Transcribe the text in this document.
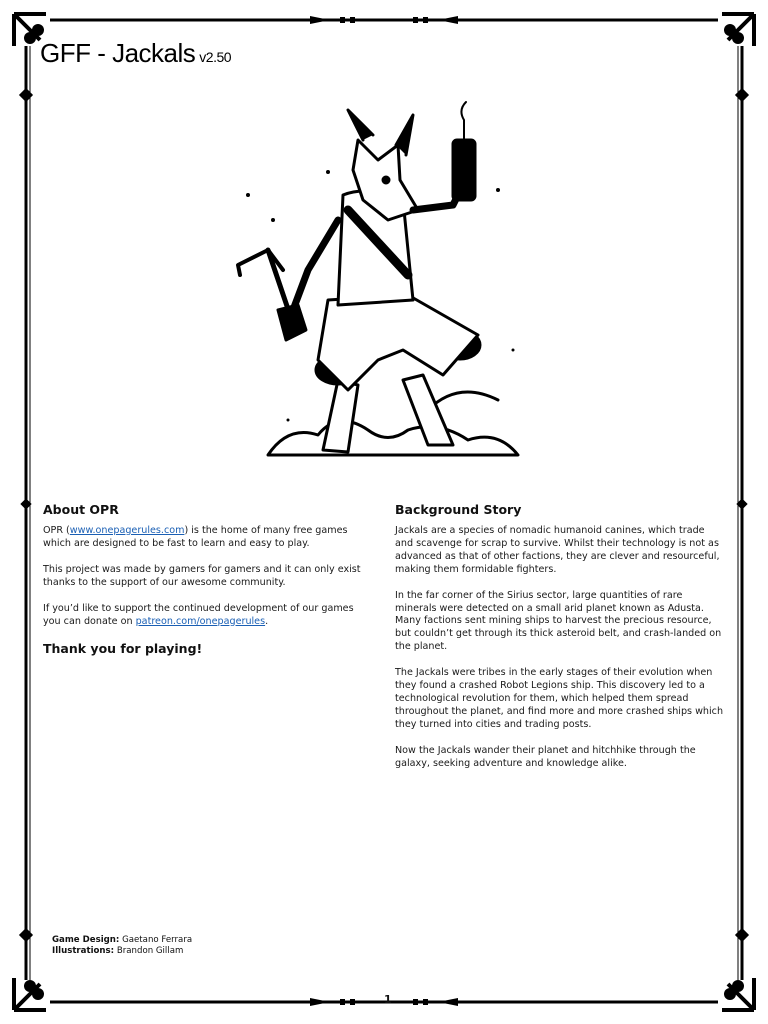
GFF - Jackals v2.50
About OPR

OPR (www.onepagerules.com) is the home of many free games which are designed to be fast to learn and easy to play.

This project was made by gamers for gamers and it can only exist thanks to the support of our awesome community.

If you’d like to support the continued development of our games you can donate on patreon.com/onepagerules.

Thank you for playing!
Background Story

Jackals are a species of nomadic humanoid canines, which trade and scavenge for scrap to survive. Whilst their technology is not as advanced as that of other factions, they are clever and resourceful, making them formidable fighters.

In the far corner of the Sirius sector, large quantities of rare minerals were detected on a small arid planet known as Adusta. Many factions sent mining ships to harvest the precious resource, but couldn’t get through its thick asteroid belt, and crash-landed on the planet.

The Jackals were tribes in the early stages of their evolution when they found a crashed Robot Legions ship. This discovery led to a technological revolution for them, which helped them spread throughout the planet, and find more and more crashed ships which they turned into cities and trading posts.

Now the Jackals wander their planet and hitchhike through the galaxy, seeking adventure and knowledge alike.

Game Design: Gaetano Ferrara
Illustrations: Brandon Gillam
1
